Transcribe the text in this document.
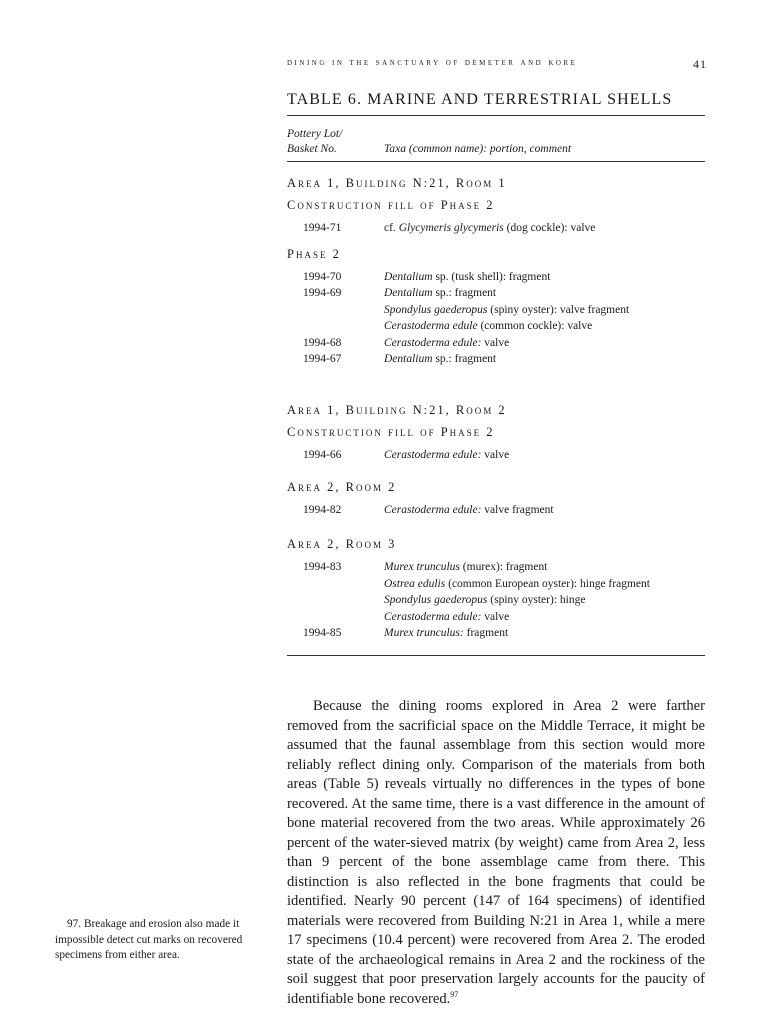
dining in the sanctuary of demeter and kore	41
TABLE 6. MARINE AND TERRESTRIAL SHELLS
Pottery Lot/
Basket No.	Taxa (common name): portion, comment
Area 1, Building N:21, Room 1
Construction fill of Phase 2
1994-71	cf. Glycymeris glycymeris (dog cockle): valve
Phase 2
1994-70	Dentalium sp. (tusk shell): fragment
1994-69	Dentalium sp.: fragment
Spondylus gaederopus (spiny oyster): valve fragment
Cerastoderma edule (common cockle): valve
1994-68	Cerastoderma edule: valve
1994-67	Dentalium sp.: fragment
Area 1, Building N:21, Room 2
Construction fill of Phase 2
1994-66	Cerastoderma edule: valve
Area 2, Room 2
1994-82	Cerastoderma edule: valve fragment
Area 2, Room 3
1994-83	Murex trunculus (murex): fragment
Ostrea edulis (common European oyster): hinge fragment
Spondylus gaederopus (spiny oyster): hinge
Cerastoderma edule: valve
1994-85	Murex trunculus: fragment

Because the dining rooms explored in Area 2 were farther removed from the sacrificial space on the Middle Terrace, it might be assumed that the faunal assemblage from this section would more reliably reflect dining only. Comparison of the materials from both areas (Table 5) reveals virtually no differences in the types of bone recovered. At the same time, there is a vast difference in the amount of bone material recovered from the two areas. While approximately 26 percent of the water-sieved matrix (by weight) came from Area 2, less than 9 percent of the bone assemblage came from there. This distinction is also reflected in the bone fragments that could be identified. Nearly 90 percent (147 of 164 specimens) of identified materials were recovered from Building N:21 in Area 1, while a mere 17 specimens (10.4 percent) were recovered from Area 2. The eroded state of the archaeological remains in Area 2 and the rockiness of the soil suggest that poor preservation largely accounts for the paucity of identifiable bone recovered.$^{97}$

97. Breakage and erosion also made it impossible detect cut marks on recovered specimens from either area.
